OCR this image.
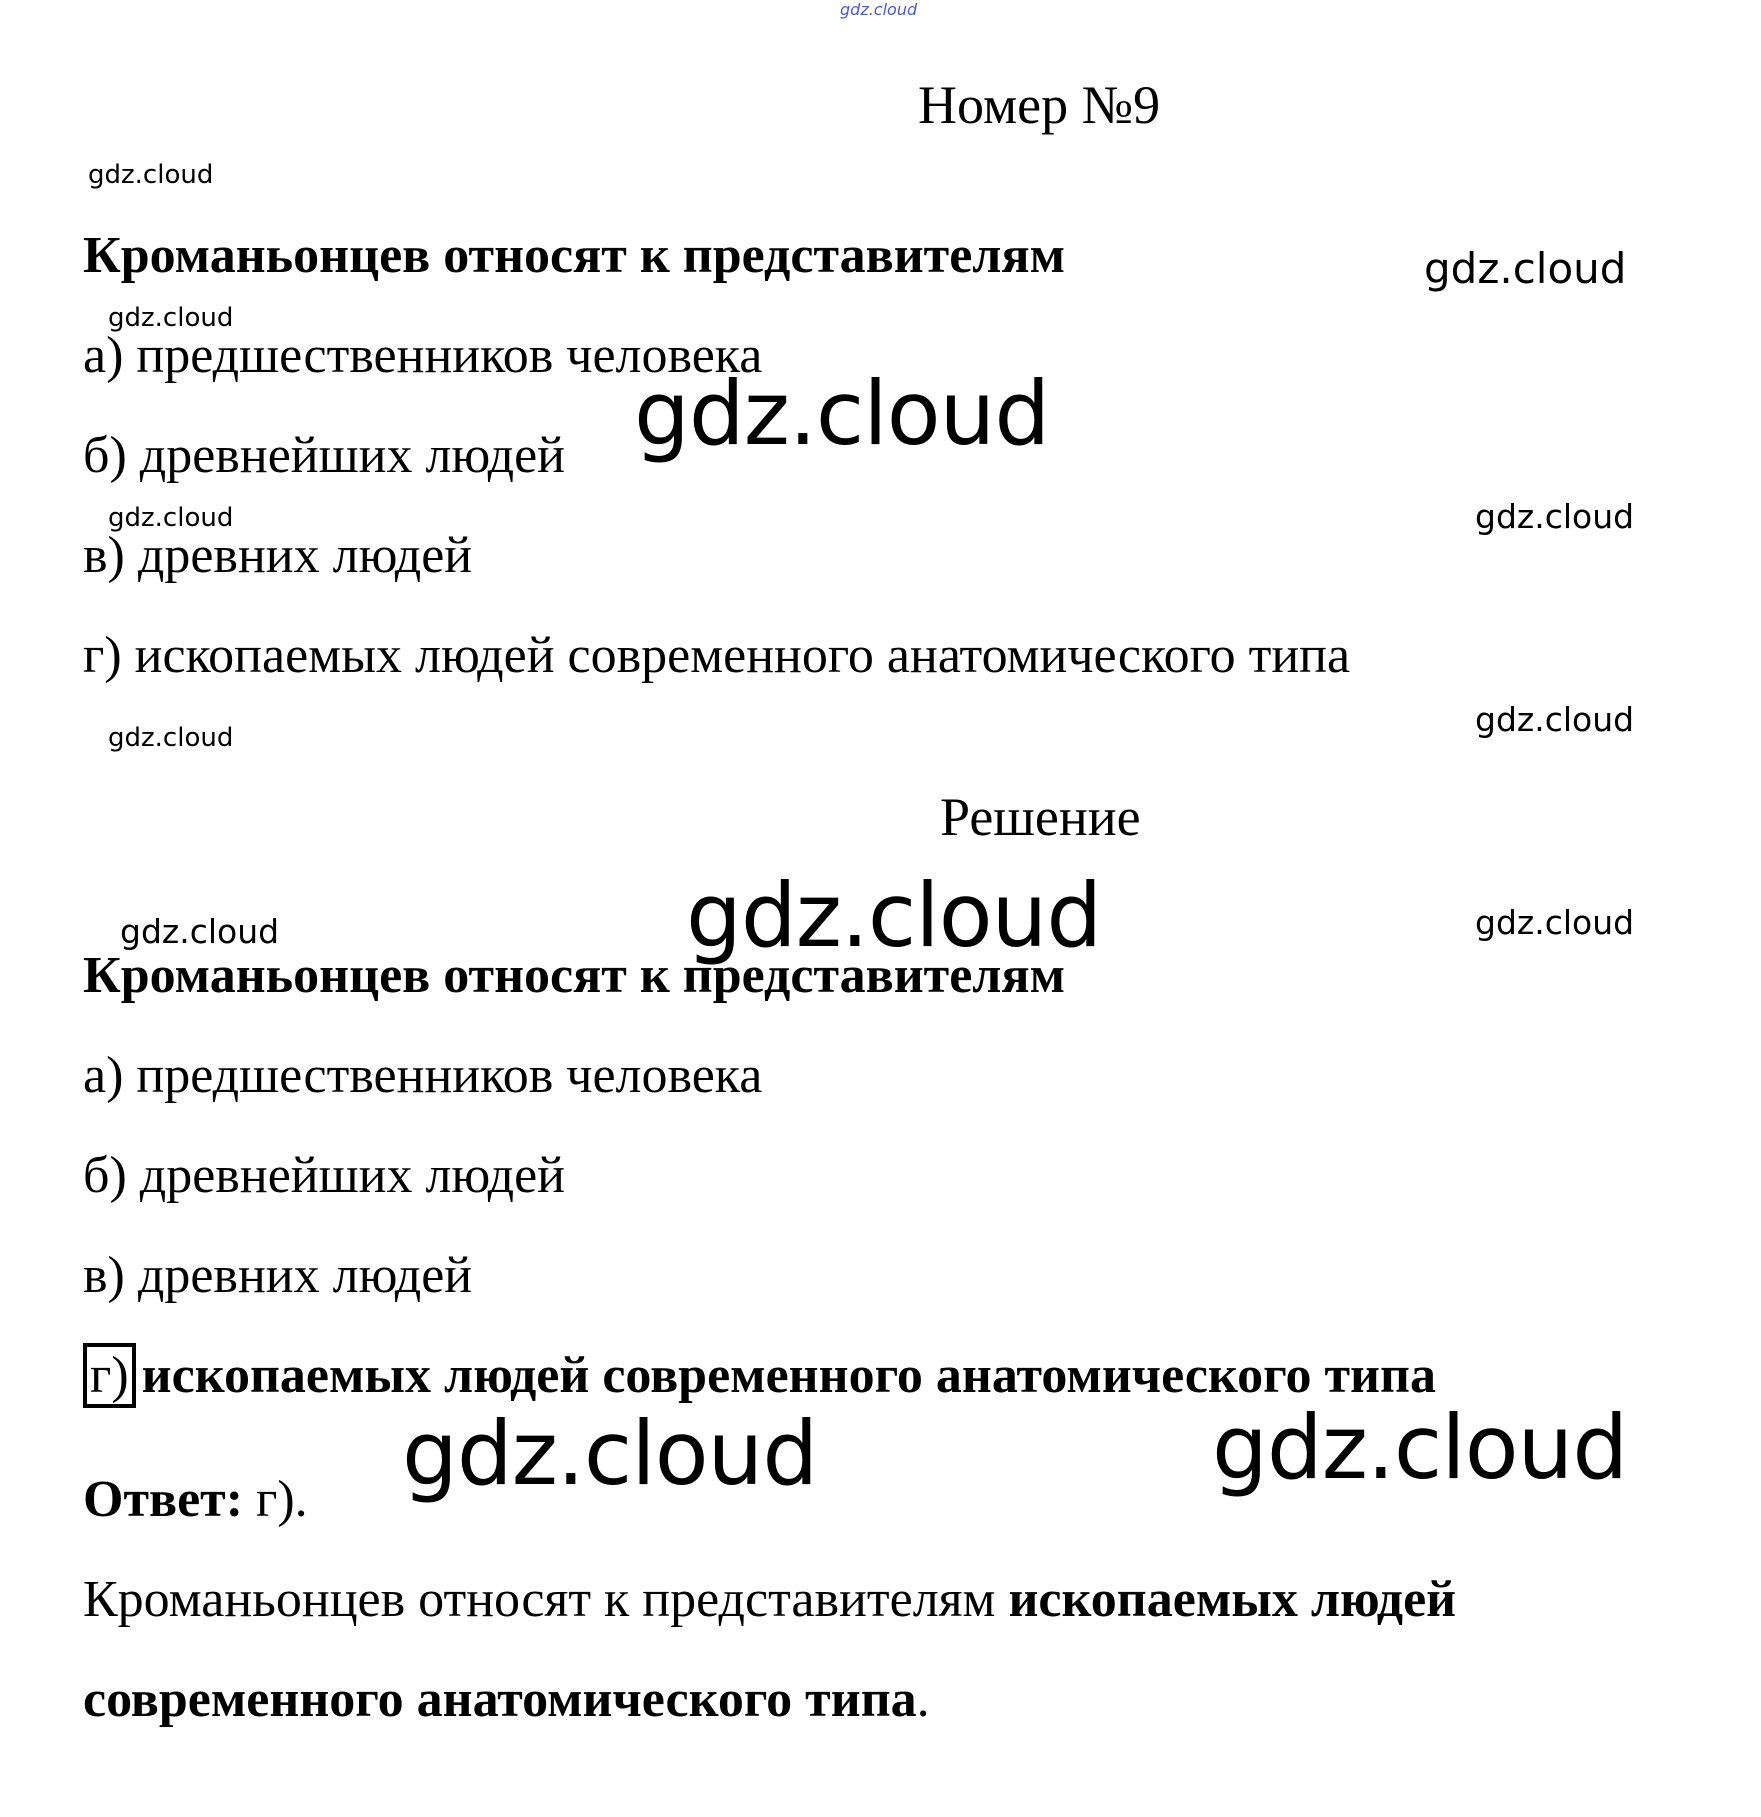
gdz.cloud
gdz.cloud
gdz.cloud
gdz.cloud
gdz.cloud
gdz.cloud	gdz.cloud
gdz.cloud	gdz.cloud
gdz.cloud	gdz.cloud	gdz.cloud
gdz.cloud	gdz.cloud
Номер №9
Кроманьонцев относят к представителям
а) предшественников человека
б) древнейших людей
в) древних людей
г) ископаемых людей современного анатомического типа
Решение
Кроманьонцев относят к представителям
а) предшественников человека
б) древнейших людей
в) древних людей
г) ископаемых людей современного анатомического типа
Ответ: г).
Кроманьонцев относят к представителям ископаемых людей
современного анатомического типа.
